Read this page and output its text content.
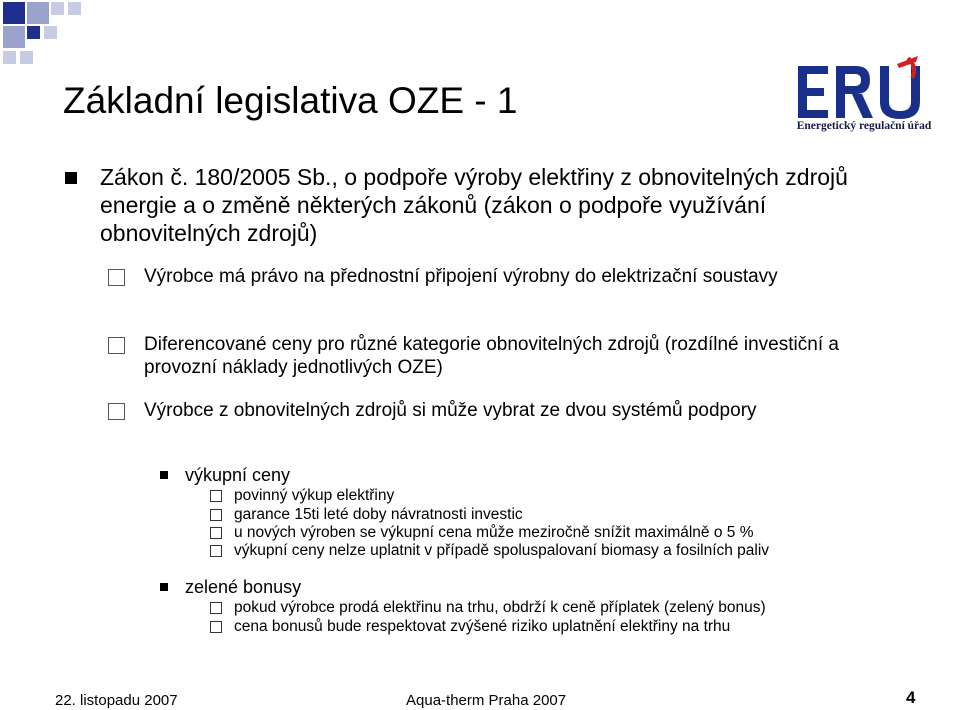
Energetický regulační úřad
Základní legislativa OZE - 1
Zákon č. 180/2005 Sb., o podpoře výroby elektřiny z obnovitelných zdrojů energie a o změně některých zákonů (zákon o podpoře využívání obnovitelných zdrojů)
Výrobce má právo na přednostní připojení výrobny do elektrizační soustavy
Diferencované ceny pro různé kategorie obnovitelných zdrojů (rozdílné investiční a provozní náklady jednotlivých OZE)
Výrobce z obnovitelných zdrojů si může vybrat ze dvou systémů podpory
výkupní ceny
povinný výkup elektřiny
garance 15ti leté doby návratnosti investic
u nových výroben se výkupní cena může meziročně snížit maximálně o 5 %
výkupní ceny nelze uplatnit v případě spoluspalovaní biomasy a fosilních paliv
zelené bonusy
pokud výrobce prodá elektřinu na trhu, obdrží k ceně příplatek (zelený bonus)
cena bonusů bude respektovat zvýšené riziko uplatnění elektřiny na trhu
22. listopadu 2007	Aqua-therm Praha 2007	4
